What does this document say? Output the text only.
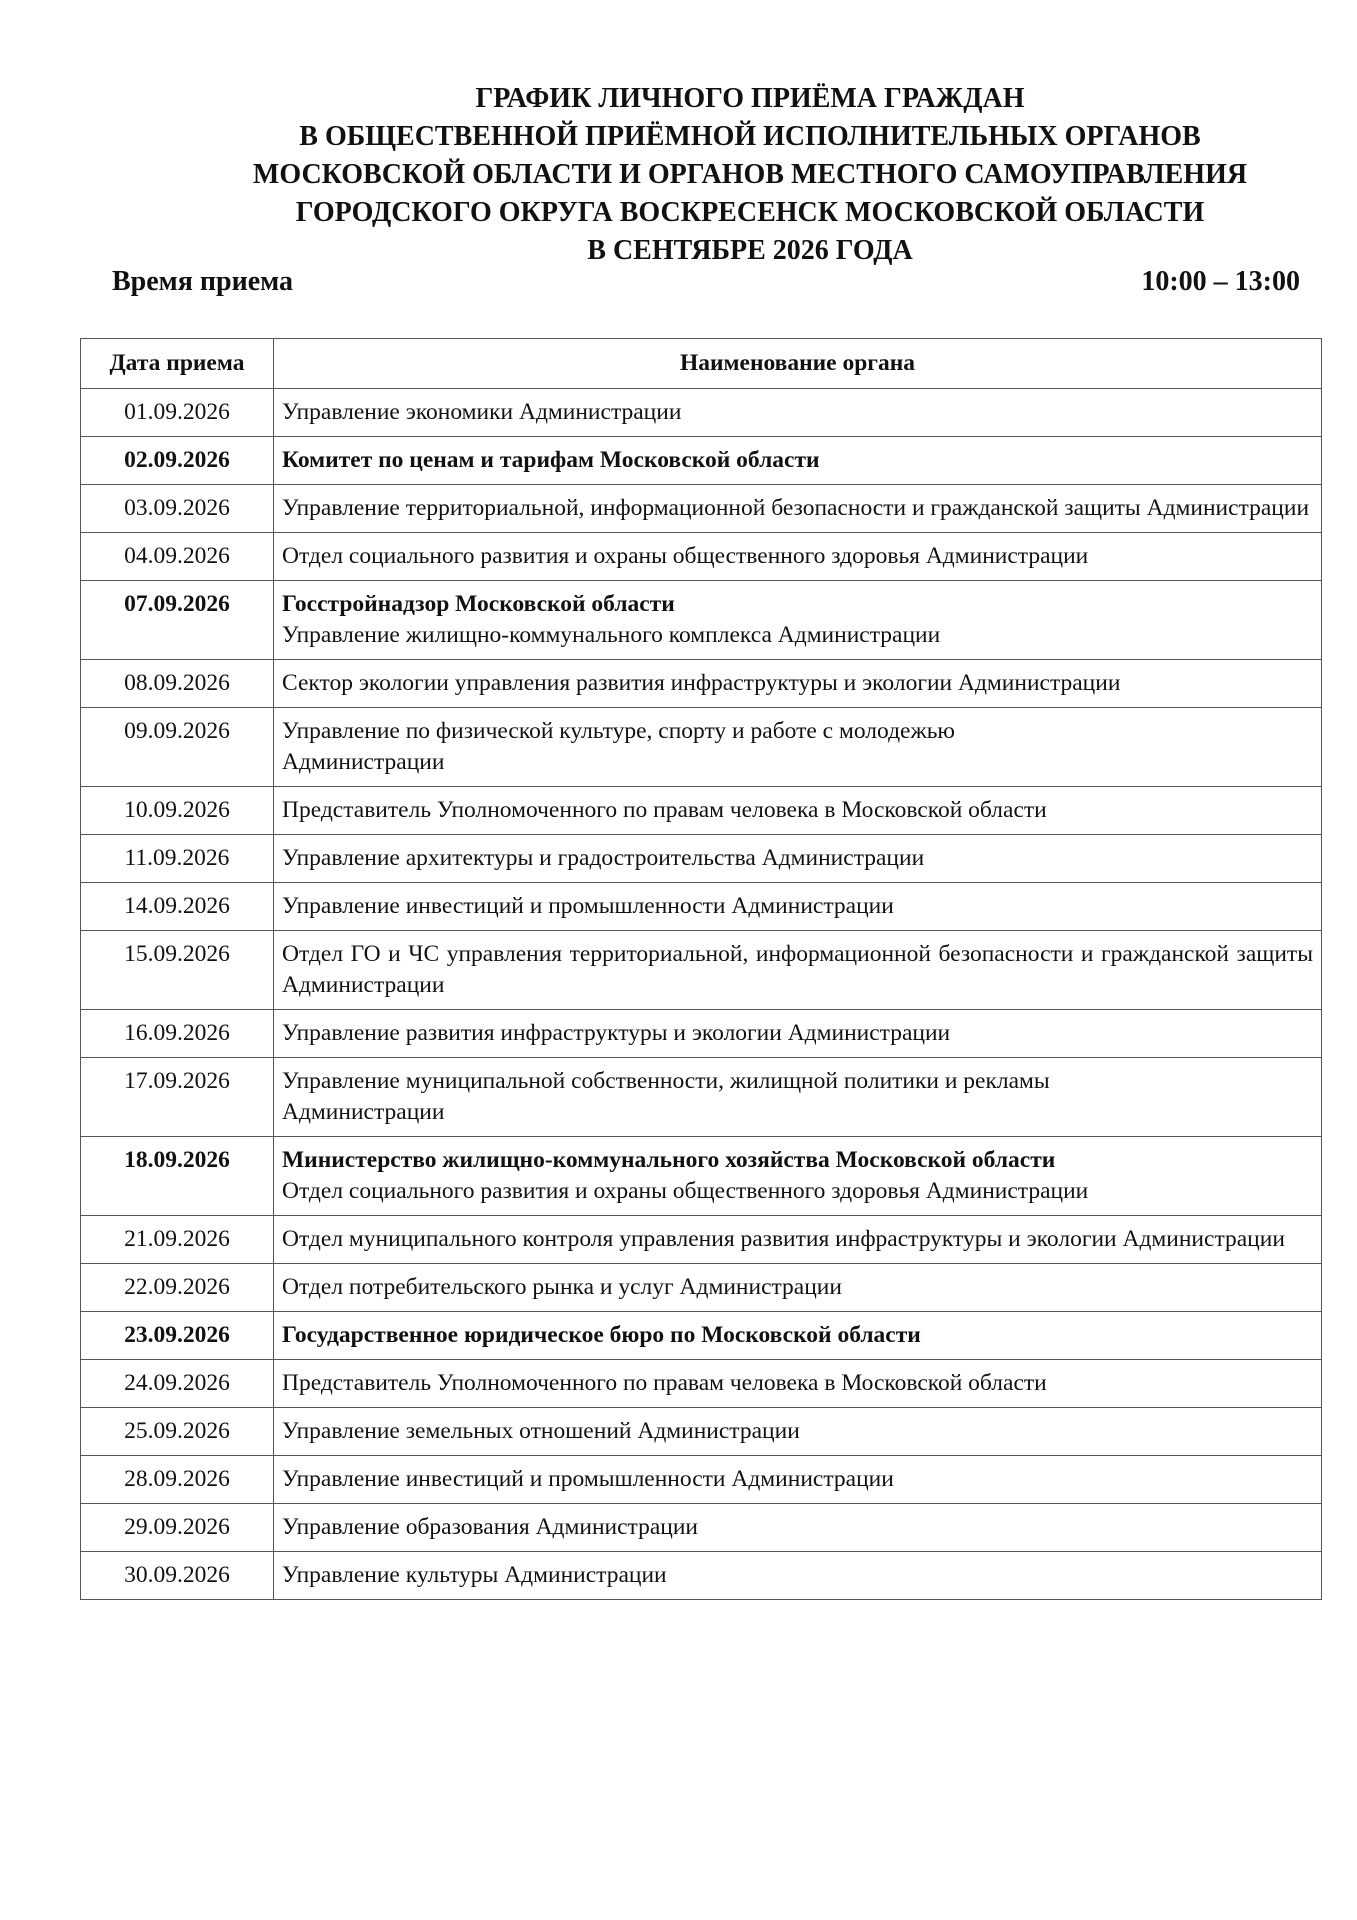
ГРАФИК ЛИЧНОГО ПРИЁМА ГРАЖДАН
В ОБЩЕСТВЕННОЙ ПРИЁМНОЙ ИСПОЛНИТЕЛЬНЫХ ОРГАНОВ
МОСКОВСКОЙ ОБЛАСТИ И ОРГАНОВ МЕСТНОГО САМОУПРАВЛЕНИЯ
ГОРОДСКОГО ОКРУГА ВОСКРЕСЕНСК МОСКОВСКОЙ ОБЛАСТИ
В СЕНТЯБРЕ 2026 ГОДА
Время приема	10:00 – 13:00
Дата приема	Наименование органа
01.09.2026	Управление экономики Администрации

02.09.2026	Комитет по ценам и тарифам Московской области

03.09.2026	Управление территориальной, информационной безопасности и гражданской защиты Администрации

04.09.2026	Отдел социального развития и охраны общественного здоровья Администрации

07.09.2026	Госстройнадзор Московской области
Управление жилищно-коммунального комплекса Администрации

08.09.2026	Сектор экологии управления развития инфраструктуры и экологии Администрации

09.09.2026	Управление по физической культуре, спорту и работе с молодежью
Администрации

10.09.2026	Представитель Уполномоченного по правам человека в Московской области

11.09.2026	Управление архитектуры и градостроительства Администрации

14.09.2026	Управление инвестиций и промышленности Администрации

15.09.2026	Отдел ГО и ЧС управления территориальной, информационной безопасности и гражданской защиты Администрации

16.09.2026	Управление развития инфраструктуры и экологии Администрации

17.09.2026	Управление муниципальной собственности, жилищной политики и рекламы
Администрации

18.09.2026	Министерство жилищно-коммунального хозяйства Московской области
Отдел социального развития и охраны общественного здоровья Администрации

21.09.2026	Отдел муниципального контроля управления развития инфраструктуры и экологии Администрации

22.09.2026	Отдел потребительского рынка и услуг Администрации

23.09.2026	Государственное юридическое бюро по Московской области

24.09.2026	Представитель Уполномоченного по правам человека в Московской области

25.09.2026	Управление земельных отношений Администрации

28.09.2026	Управление инвестиций и промышленности Администрации

29.09.2026	Управление образования Администрации

30.09.2026	Управление культуры Администрации
